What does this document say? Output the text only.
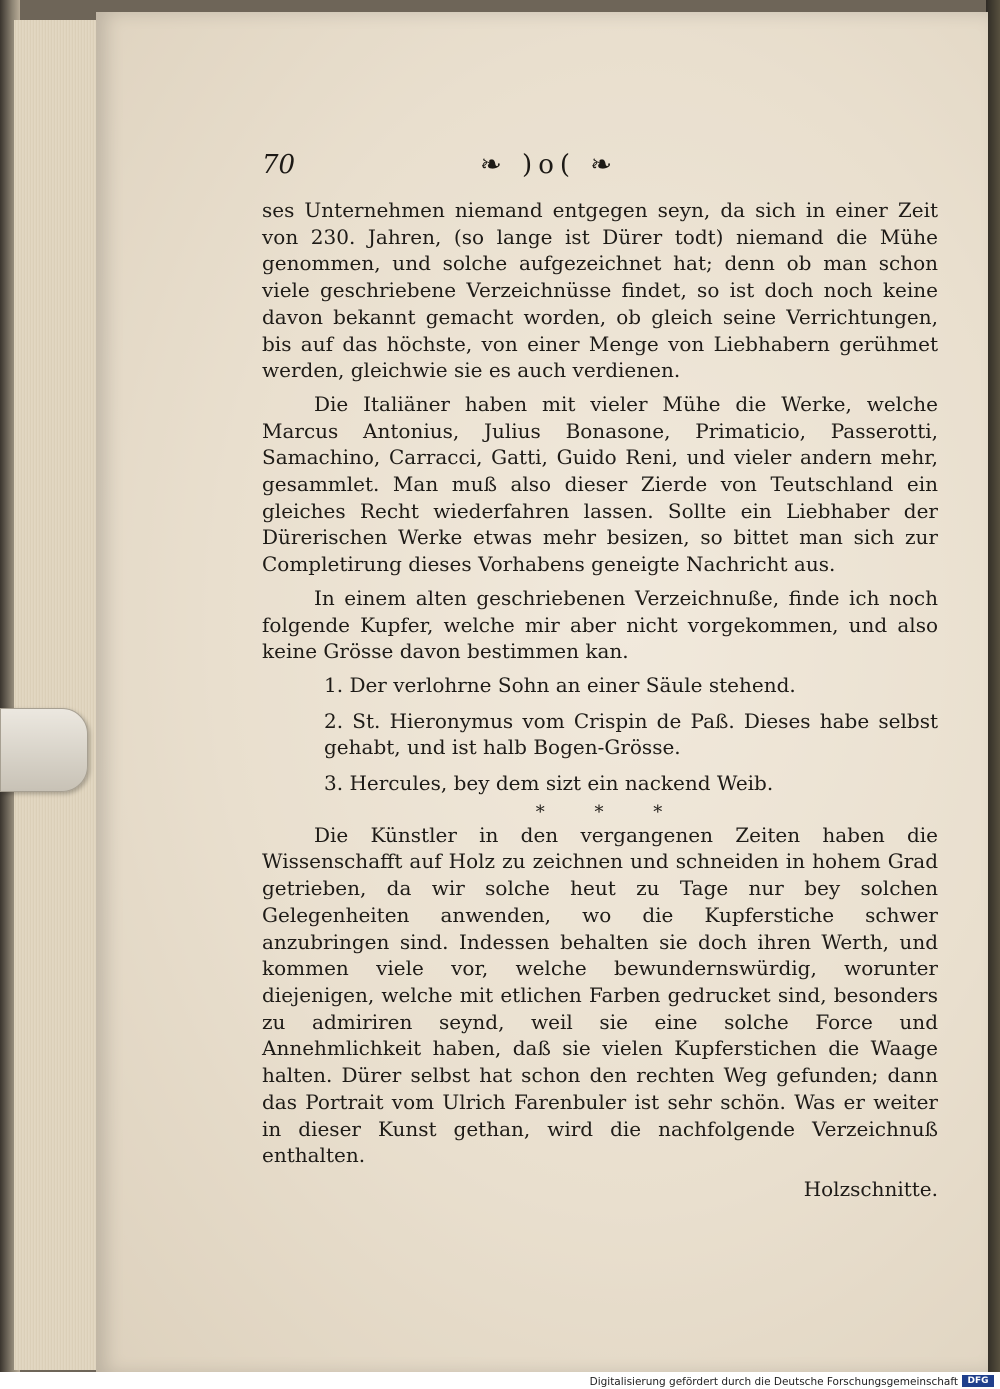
70	❧ )o( ❧

ses Unternehmen niemand entgegen seyn, da sich in einer Zeit von 230. Jahren, (so lange ist Dürer todt) niemand die Mühe genommen, und solche aufgezeichnet hat; denn ob man schon viele geschriebene Verzeichnüsse findet, so ist doch noch keine davon bekannt gemacht worden, ob gleich seine Verrichtungen, bis auf das höchste, von einer Menge von Liebhabern gerühmet werden, gleichwie sie es auch verdienen.

Die Italiäner haben mit vieler Mühe die Werke, welche Marcus Antonius, Julius Bonasone, Primaticio, Passerotti, Samachino, Carracci, Gatti, Guido Reni, und vieler andern mehr, gesammlet. Man muß also dieser Zierde von Teutschland ein gleiches Recht wiederfahren lassen. Sollte ein Liebhaber der Dürerischen Werke etwas mehr besizen, so bittet man sich zur Completirung dieses Vorhabens geneigte Nachricht aus.

In einem alten geschriebenen Verzeichnuße, finde ich noch folgende Kupfer, welche mir aber nicht vorgekommen, und also keine Grösse davon bestimmen kan.

1. Der verlohrne Sohn an einer Säule stehend.

2. St. Hieronymus vom Crispin de Paß. Dieses habe selbst gehabt, und ist halb Bogen-Grösse.

3. Hercules, bey dem sizt ein nackend Weib.

* * *

Die Künstler in den vergangenen Zeiten haben die Wissenschafft auf Holz zu zeichnen und schneiden in hohem Grad getrieben, da wir solche heut zu Tage nur bey solchen Gelegenheiten anwenden, wo die Kupferstiche schwer anzubringen sind. Indessen behalten sie doch ihren Werth, und kommen viele vor, welche bewundernswürdig, worunter diejenigen, welche mit etlichen Farben gedrucket sind, besonders zu admiriren seynd, weil sie eine solche Force und Annehmlichkeit haben, daß sie vielen Kupferstichen die Waage halten. Dürer selbst hat schon den rechten Weg gefunden; dann das Portrait vom Ulrich Farenbuler ist sehr schön. Was er weiter in dieser Kunst gethan, wird die nachfolgende Verzeichnuß enthalten.

Holzschnitte.
Digitalisierung gefördert durch die Deutsche Forschungsgemeinschaft	DFG
